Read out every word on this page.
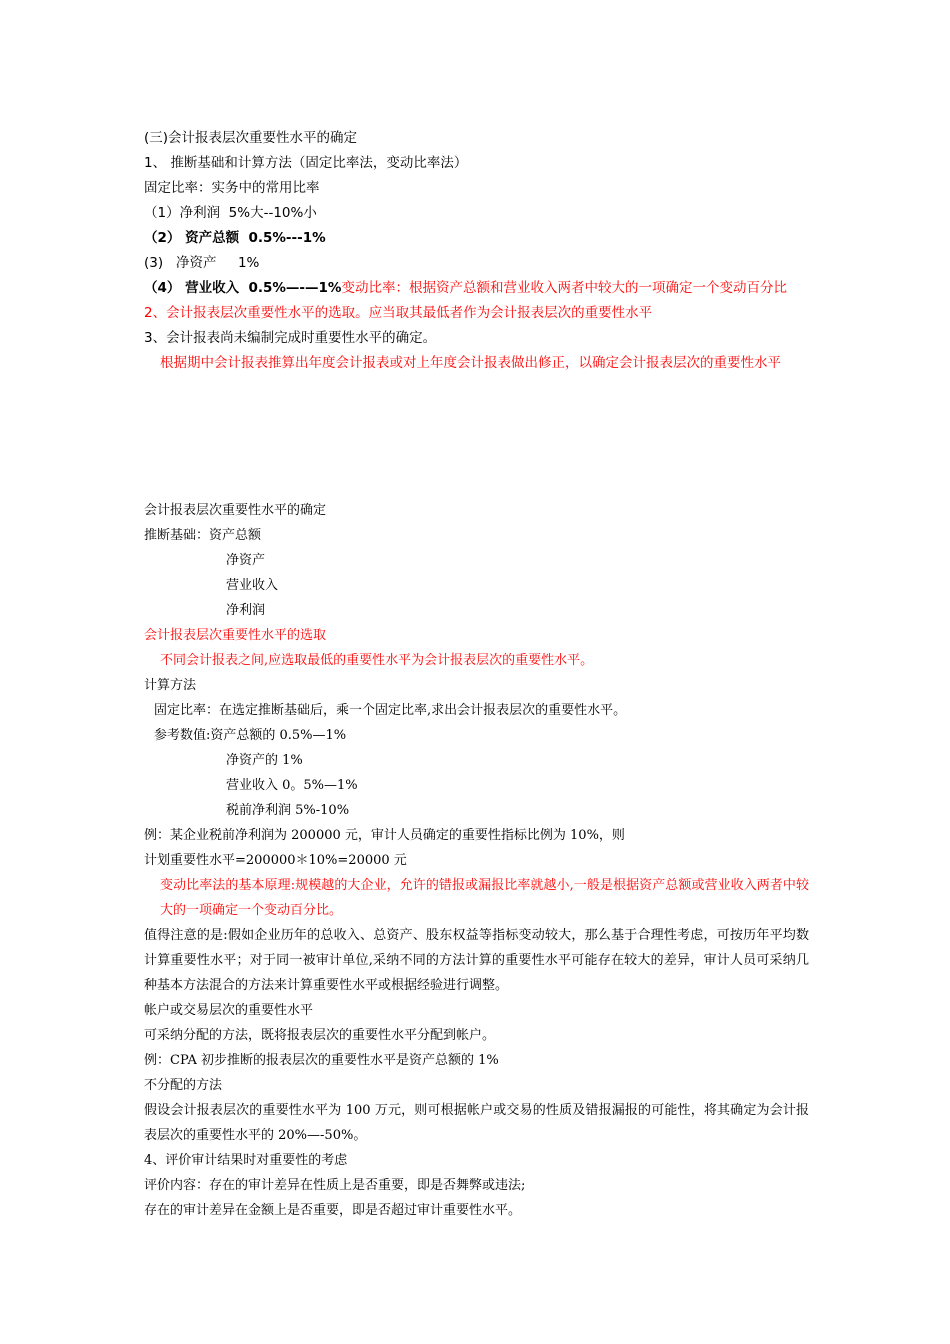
(三)会计报表层次重要性水平的确定
1、 推断基础和计算方法（固定比率法，变动比率法）
固定比率：实务中的常用比率
（1）净利润  5%大--10%小
（2） 资产总额  0.5%---1%
(3)   净资产     1%
（4） 营业收入  0.5%—-—1%变动比率：根据资产总额和营业收入两者中较大的一项确定一个变动百分比
2、会计报表层次重要性水平的选取。应当取其最低者作为会计报表层次的重要性水平
3、会计报表尚未编制完成时重要性水平的确定。
根据期中会计报表推算出年度会计报表或对上年度会计报表做出修正，以确定会计报表层次的重要性水平
会计报表层次重要性水平的确定
推断基础：资产总额
净资产
营业收入
净利润
会计报表层次重要性水平的选取
不同会计报表之间,应选取最低的重要性水平为会计报表层次的重要性水平。
计算方法
固定比率：在选定推断基础后，乘一个固定比率,求出会计报表层次的重要性水平。
参考数值:资产总额的 0.5%—1%
净资产的 1%
营业收入 0。5%—1%
税前净利润 5%-10%
例：某企业税前净利润为 200000 元，审计人员确定的重要性指标比例为 10%，则
计划重要性水平=200000＊10%=20000 元
变动比率法的基本原理:规模越的大企业，允许的错报或漏报比率就越小,一般是根据资产总额或营业收入两者中较大的一项确定一个变动百分比。
值得注意的是:假如企业历年的总收入、总资产、股东权益等指标变动较大，那么基于合理性考虑，可按历年平均数计算重要性水平；对于同一被审计单位,采纳不同的方法计算的重要性水平可能存在较大的差异，审计人员可采纳几种基本方法混合的方法来计算重要性水平或根据经验进行调整。
帐户或交易层次的重要性水平
可采纳分配的方法，既将报表层次的重要性水平分配到帐户。
例：CPA 初步推断的报表层次的重要性水平是资产总额的 1%
不分配的方法
假设会计报表层次的重要性水平为 100 万元，则可根据帐户或交易的性质及错报漏报的可能性，将其确定为会计报表层次的重要性水平的 20%—-50%。
4、评价审计结果时对重要性的考虑
评价内容：存在的审计差异在性质上是否重要，即是否舞弊或违法;
存在的审计差异在金额上是否重要，即是否超过审计重要性水平。
